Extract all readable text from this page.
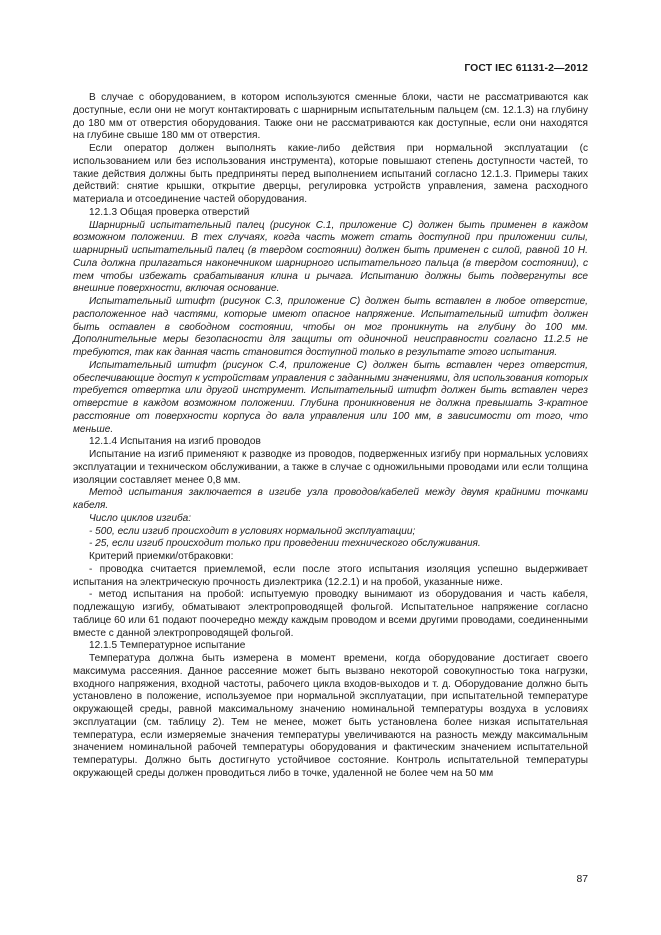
ГОСТ IEC 61131-2—2012

В случае с оборудованием, в котором используются сменные блоки, части не рассматриваются как доступные, если они не могут контактировать с шарнирным испытательным пальцем (см. 12.1.3) на глубину до 180 мм от отверстия оборудования. Также они не рассматриваются как доступные, если они находятся на глубине свыше 180 мм от отверстия.

Если оператор должен выполнять какие-либо действия при нормальной эксплуатации (с использованием или без использования инструмента), которые повышают степень доступности частей, то такие действия должны быть предприняты перед выполнением испытаний согласно 12.1.3. Примеры таких действий: снятие крышки, открытие дверцы, регулировка устройств управления, замена расходного материала и отсоединение частей оборудования.

12.1.3 Общая проверка отверстий

Шарнирный испытательный палец (рисунок С.1, приложение С) должен быть применен в каждом возможном положении. В тех случаях, когда часть может стать доступной при приложении силы, шарнирный испытательный палец (в твердом состоянии) должен быть применен с силой, равной 10 Н. Сила должна прилагаться наконечником шарнирного испытательного пальца (в твердом состоянии), с тем чтобы избежать срабатывания клина и рычага. Испытанию должны быть подвергнуты все внешние поверхности, включая основание.

Испытательный штифт (рисунок С.3, приложение С) должен быть вставлен в любое отверстие, расположенное над частями, которые имеют опасное напряжение. Испытательный штифт должен быть оставлен в свободном состоянии, чтобы он мог проникнуть на глубину до 100 мм. Дополнительные меры безопасности для защиты от одиночной неисправности согласно 11.2.5 не требуются, так как данная часть становится доступной только в результате этого испытания.

Испытательный штифт (рисунок С.4, приложение С) должен быть вставлен через отверстия, обеспечивающие доступ к устройствам управления с заданными значениями, для использования которых требуется отвертка или другой инструмент. Испытательный штифт должен быть вставлен через отверстие в каждом возможном положении. Глубина проникновения не должна превышать 3-кратное расстояние от поверхности корпуса до вала управления или 100 мм, в зависимости от того, что меньше.

12.1.4 Испытания на изгиб проводов

Испытание на изгиб применяют к разводке из проводов, подверженных изгибу при нормальных условиях эксплуатации и техническом обслуживании, а также в случае с одножильными проводами или если толщина изоляции составляет менее 0,8 мм.

Метод испытания заключается в изгибе узла проводов/кабелей между двумя крайними точками кабеля.

Число циклов изгиба:

- 500, если изгиб происходит в условиях нормальной эксплуатации;

- 25, если изгиб происходит только при проведении технического обслуживания.

Критерий приемки/отбраковки:

- проводка считается приемлемой, если после этого испытания изоляция успешно выдерживает испытания на электрическую прочность диэлектрика (12.2.1) и на пробой, указанные ниже.

- метод испытания на пробой: испытуемую проводку вынимают из оборудования и часть кабеля, подлежащую изгибу, обматывают электропроводящей фольгой. Испытательное напряжение согласно таблице 60 или 61 подают поочередно между каждым проводом и всеми другими проводами, соединенными вместе с данной электропроводящей фольгой.

12.1.5 Температурное испытание

Температура должна быть измерена в момент времени, когда оборудование достигает своего максимума рассеяния. Данное рассеяние может быть вызвано некоторой совокупностью тока нагрузки, входного напряжения, входной частоты, рабочего цикла входов-выходов и т. д. Оборудование должно быть установлено в положение, используемое при нормальной эксплуатации, при испытательной температуре окружающей среды, равной максимальному значению номинальной температуры воздуха в условиях эксплуатации (см. таблицу 2). Тем не менее, может быть установлена более низкая испытательная температура, если измеряемые значения температуры увеличиваются на разность между максимальным значением номинальной рабочей температуры оборудования и фактическим значением испытательной температуры. Должно быть достигнуто устойчивое состояние. Контроль испытательной температуры окружающей среды должен проводиться либо в точке, удаленной не более чем на 50 мм

87
